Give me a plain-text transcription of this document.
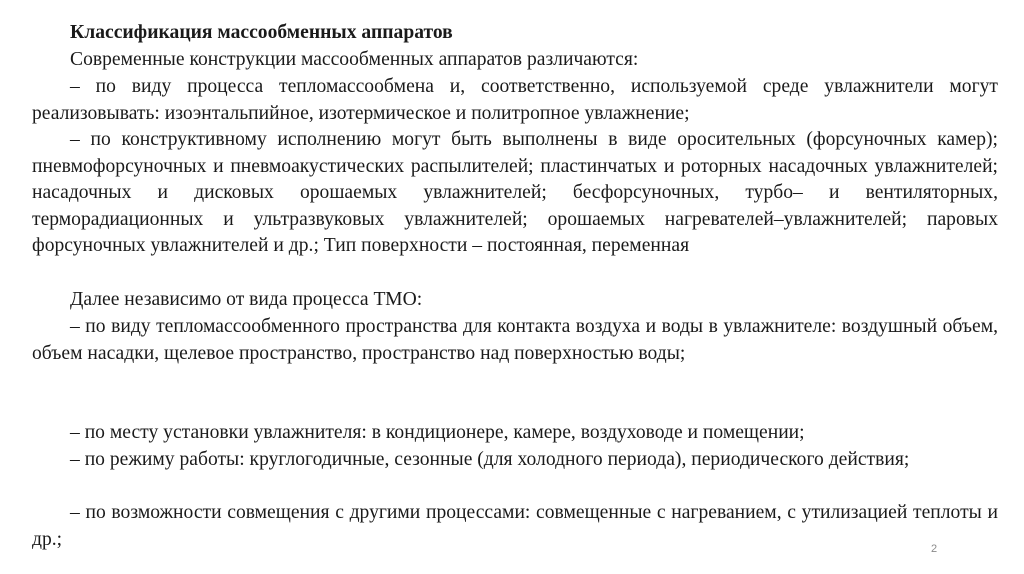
Классификация массообменных аппаратов

Современные конструкции массообменных аппаратов различаются:

– по виду процесса тепломассообмена и, соответственно, используемой среде увлажнители могут реализовывать: изоэнтальпийное, изотермическое и политропное увлажнение;

– по конструктивному исполнению могут быть выполнены в виде оросительных (форсуночных камер); пневмофорсуночных и пневмоакустических распылителей; пластинчатых и роторных насадочных увлажнителей; насадочных и дисковых орошаемых увлажнителей; бесфорсуночных, турбо– и вентиляторных, терморадиационных и ультразвуковых увлажнителей; орошаемых нагревателей–увлажнителей; паровых форсуночных увлажнителей и др.; Тип поверхности – постоянная, переменная

Далее независимо от вида процесса ТМО:

– по виду тепломассообменного пространства для контакта воздуха и воды в увлажнителе: воздушный объем, объем насадки, щелевое пространство, пространство над поверхностью воды;

– по месту установки увлажнителя: в кондиционере, камере, воздуховоде и помещении;

– по режиму работы: круглогодичные, сезонные (для холодного периода), периодического действия;

– по возможности совмещения с другими процессами: совмещенные с нагреванием, с утилизацией теплоты и др.;	2
